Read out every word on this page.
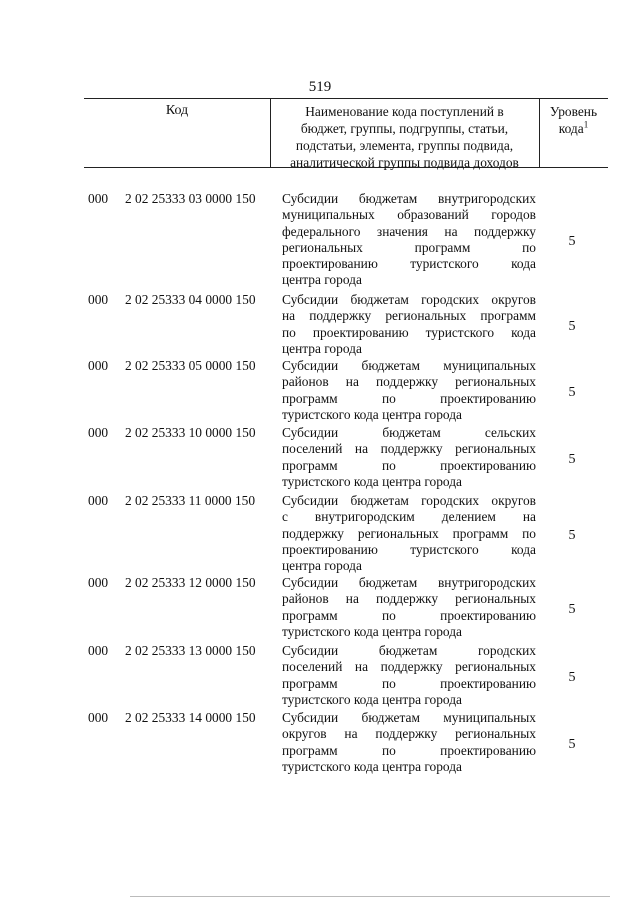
519
Код	Наименование кода поступлений в
бюджет, группы, подгруппы, статьи,
подстатьи, элемента, группы подвида,
аналитической группы подвида доходов
Уровень
кода$^1$
000 2 02 25333 03 0000 150 Субсидии бюджетам внутригородских
муниципальных образований городов
федерального значения на поддержку
региональных программ по
проектированию туристского кода
центра города
5
000 2 02 25333 04 0000 150 Субсидии бюджетам городских округов
на поддержку региональных программ
по проектированию туристского кода
центра города
5
000 2 02 25333 05 0000 150 Субсидии бюджетам муниципальных
районов на поддержку региональных
программ по проектированию
туристского кода центра города
5
000 2 02 25333 10 0000 150 Субсидии бюджетам сельских
поселений на поддержку региональных
программ по проектированию
туристского кода центра города
5
000 2 02 25333 11 0000 150 Субсидии бюджетам городских округов
с внутригородским делением на
поддержку региональных программ по
проектированию туристского кода
центра города
5
000 2 02 25333 12 0000 150 Субсидии бюджетам внутригородских
районов на поддержку региональных
программ по проектированию
туристского кода центра города
5
000 2 02 25333 13 0000 150 Субсидии бюджетам городских
поселений на поддержку региональных
программ по проектированию
туристского кода центра города
5
000 2 02 25333 14 0000 150 Субсидии бюджетам муниципальных
округов на поддержку региональных
программ по проектированию
туристского кода центра города
5
